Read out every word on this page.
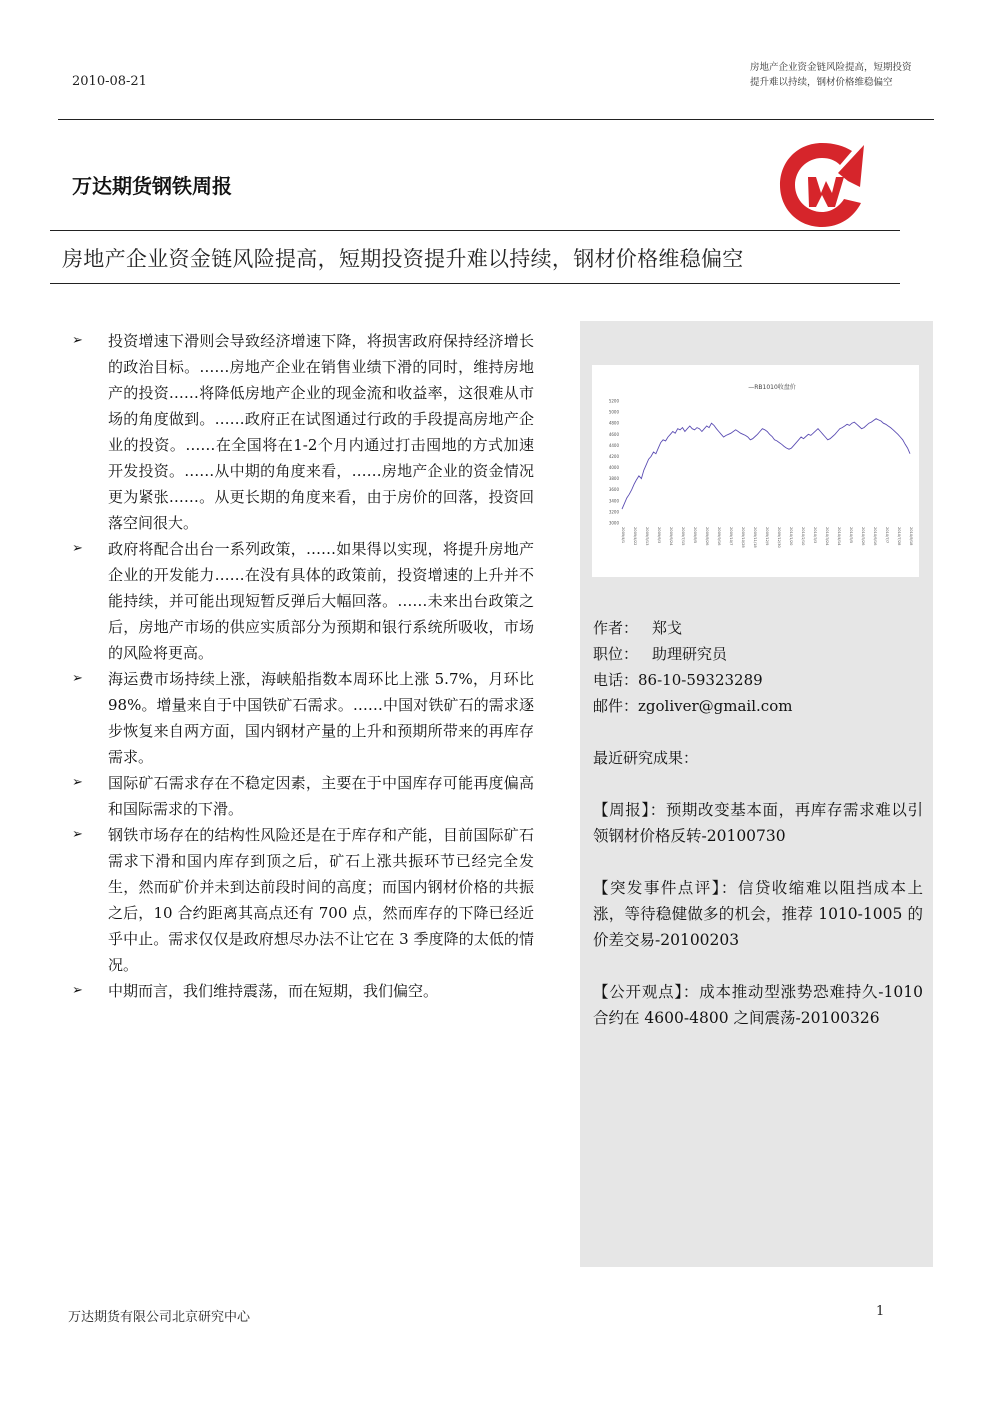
2010-08-21
房地产企业资金链风险提高，短期投资
提升难以持续，钢材价格维稳偏空
万达期货钢铁周报
房地产企业资金链风险提高，短期投资提升难以持续，钢材价格维稳偏空
➢ 投资增速下滑则会导致经济增速下降，将损害政府保持经济增长的政治目标。……房地产企业在销售业绩下滑的同时，维持房地产的投资……将降低房地产企业的现金流和收益率，这很难从市场的角度做到。……政府正在试图通过行政的手段提高房地产企业的投资。……在全国将在1-2个月内通过打击囤地的方式加速开发投资。……从中期的角度来看，……房地产企业的资金情况更为紧张……。从更长期的角度来看，由于房价的回落，投资回落空间很大。
➢ 政府将配合出台一系列政策，……如果得以实现，将提升房地产企业的开发能力……在没有具体的政策前，投资增速的上升并不能持续，并可能出现短暂反弹后大幅回落。……未来出台政策之后，房地产市场的供应实质部分为预期和银行系统所吸收，市场的风险将更高。
➢ 海运费市场持续上涨，海峡船指数本周环比上涨 5.7%，月环比 98%。增量来自于中国铁矿石需求。……中国对铁矿石的需求逐步恢复来自两方面，国内钢材产量的上升和预期所带来的再库存需求。
➢ 国际矿石需求存在不稳定因素，主要在于中国库存可能再度偏高和国际需求的下滑。
➢ 钢铁市场存在的结构性风险还是在于库存和产能，目前国际矿石需求下滑和国内库存到顶之后，矿石上涨共振环节已经完全发生，然而矿价并未到达前段时间的高度；而国内钢材价格的共振之后，10 合约距离其高点还有 700 点，然而库存的下降已经近乎中止。需求仅仅是政府想尽办法不让它在 3 季度降的太低的情况。
➢ 中期而言，我们维持震荡，而在短期，我们偏空。
—RB1010收盘价
5200
5000
4800
4600
4400
4200
4000
3800
3600
3400
3200
3000
2009/4/1 2009/4/22 2009/5/13 2009/6/3 2009/6/24 2009/7/15 2009/8/5 2009/8/26 2009/9/16 2009/10/7 2009/10/28 2009/11/18 2009/12/9 2009/12/30 2010/1/20 2010/2/10 2010/3/3 2010/3/24 2010/4/14 2010/5/5 2010/5/26 2010/6/16 2010/7/7 2010/7/28 2010/8/18
作者： 郑戈
职位： 助理研究员
电话：86-10-59323289
邮件：zgoliver@gmail.com
最近研究成果：
【周报】：预期改变基本面，再库存需求难以引领钢材价格反转-20100730
【突发事件点评】：信贷收缩难以阻挡成本上涨，等待稳健做多的机会，推荐 1010-1005 的价差交易-20100203
【公开观点】：成本推动型涨势恐难持久-1010 合约在 4600-4800 之间震荡-20100326
万达期货有限公司北京研究中心	1
